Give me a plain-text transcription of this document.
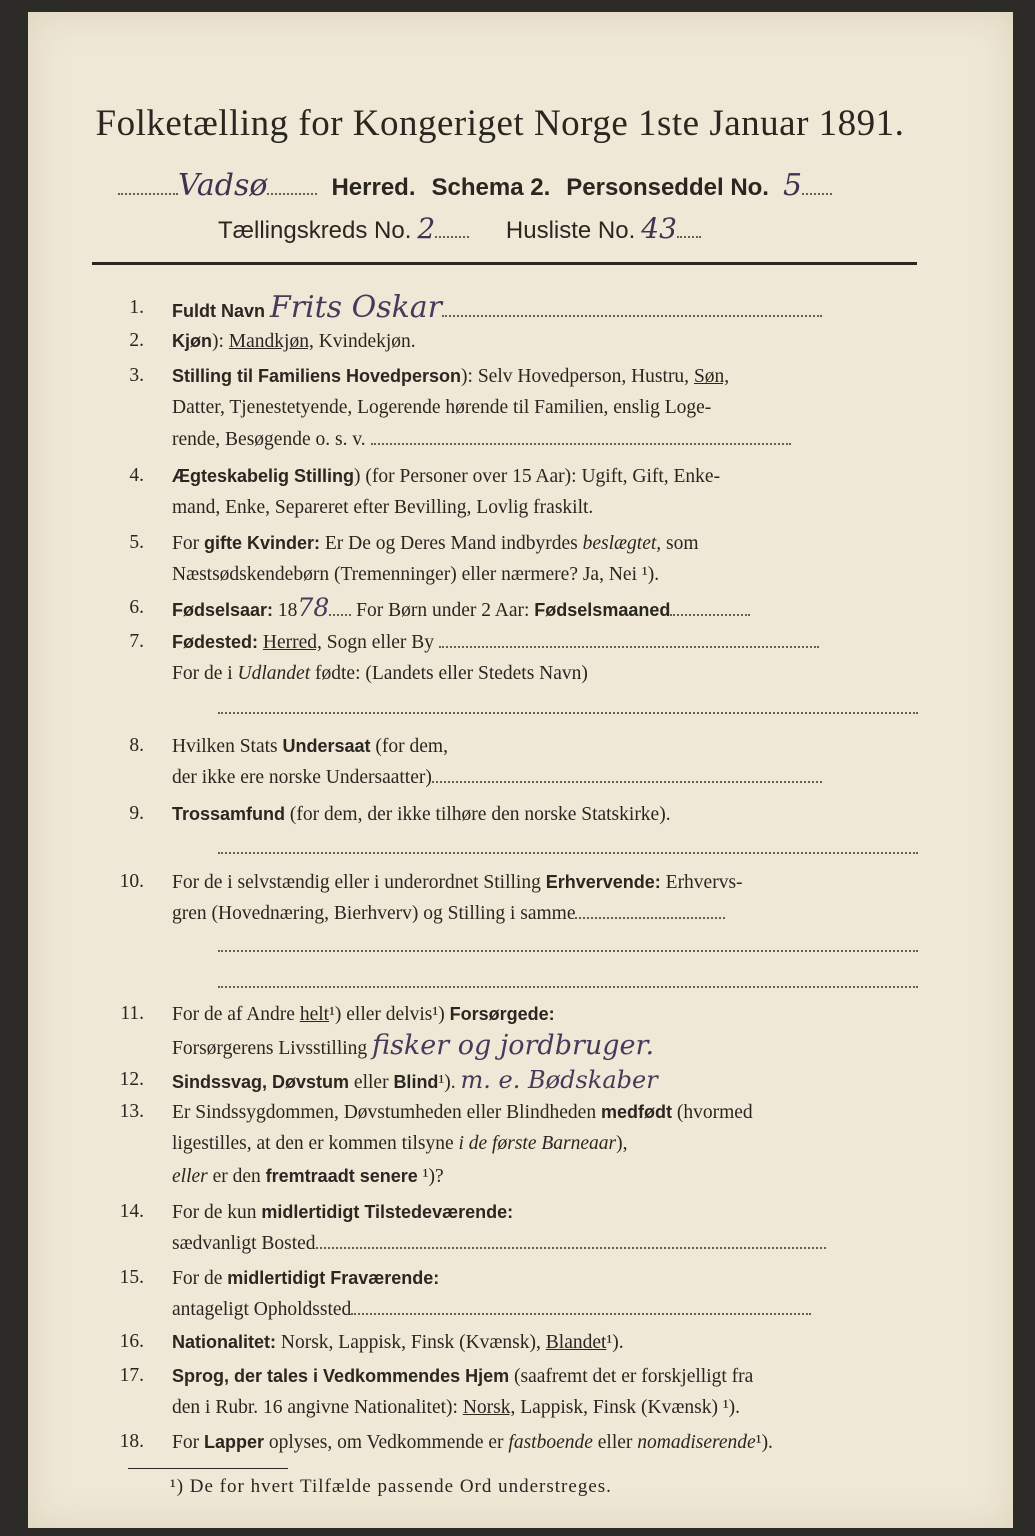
Folketælling for Kongeriget Norge 1ste Januar 1891.
Vadsø	Herred. Schema 2. Personseddel No. 5
Tællingskreds No. 2	Husliste No. 43
1. Fuldt Navn Frits Oskar
2. Kjøn): Mandkjøn, Kvindekjøn.
3. Stilling til Familiens Hovedperson): Selv Hovedperson, Hustru, Søn,
Datter, Tjenestetyende, Logerende hørende til Familien, enslig Loge-
rende, Besøgende o. s. v.
4. Ægteskabelig Stilling) (for Personer over 15 Aar): Ugift, Gift, Enke-
mand, Enke, Separeret efter Bevilling, Lovlig fraskilt.
5. For gifte Kvinder: Er De og Deres Mand indbyrdes beslægtet, som
Næstsødskendebørn (Tremenninger) eller nærmere? Ja, Nei ¹).
6. Fødselsaar: 1878 For Børn under 2 Aar: Fødselsmaaned
7. Fødested: Herred, Sogn eller By
For de i Udlandet fødte: (Landets eller Stedets Navn)
8. Hvilken Stats Undersaat (for dem,
der ikke ere norske Undersaatter)
9. Trossamfund (for dem, der ikke tilhøre den norske Statskirke).
10. For de i selvstændig eller i underordnet Stilling Erhvervende: Erhvervs-
gren (Hovednæring, Bierhverv) og Stilling i samme
11. For de af Andre helt¹) eller delvis¹) Forsørgede:
Forsørgerens Livsstilling fisker og jordbruger.
12. Sindssvag, Døvstum eller Blind¹). m. e. Bødskaber
13. Er Sindssygdommen, Døvstumheden eller Blindheden medfødt (hvormed
ligestilles, at den er kommen tilsyne i de første Barneaar),
eller er den fremtraadt senere ¹)?
14. For de kun midlertidigt Tilstedeværende:
sædvanligt Bosted
15. For de midlertidigt Fraværende:
antageligt Opholdssted
16. Nationalitet: Norsk, Lappisk, Finsk (Kvænsk), Blandet¹).
17. Sprog, der tales i Vedkommendes Hjem (saafremt det er forskjelligt fra
den i Rubr. 16 angivne Nationalitet): Norsk, Lappisk, Finsk (Kvænsk) ¹).
18. For Lapper oplyses, om Vedkommende er fastboende eller nomadiserende¹).
¹) De for hvert Tilfælde passende Ord understreges.
